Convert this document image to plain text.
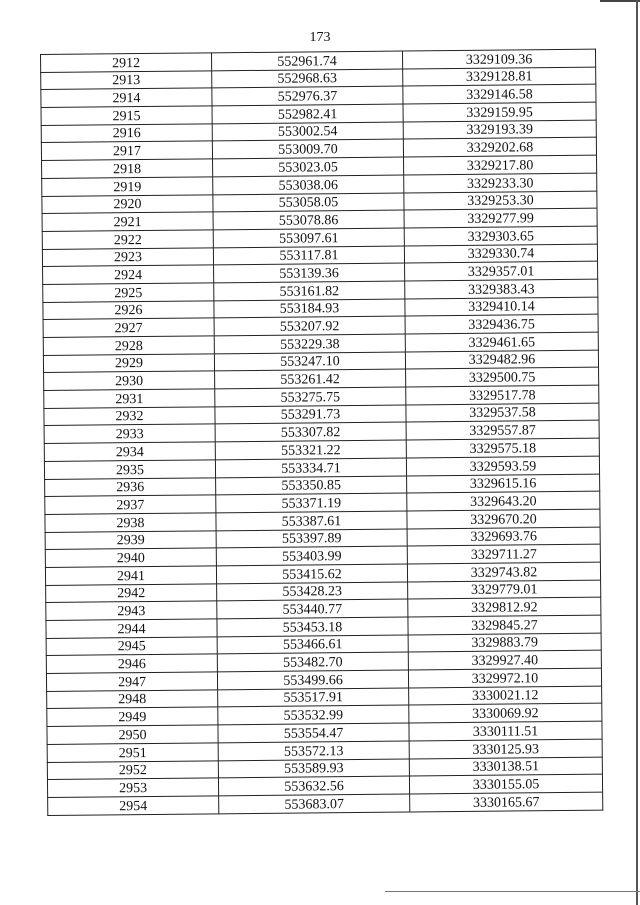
173
2912	552961.74	3329109.36
2913	552968.63	3329128.81
2914	552976.37	3329146.58
2915	552982.41	3329159.95
2916	553002.54	3329193.39
2917	553009.70	3329202.68
2918	553023.05	3329217.80
2919	553038.06	3329233.30
2920	553058.05	3329253.30
2921	553078.86	3329277.99
2922	553097.61	3329303.65
2923	553117.81	3329330.74
2924	553139.36	3329357.01
2925	553161.82	3329383.43
2926	553184.93	3329410.14
2927	553207.92	3329436.75
2928	553229.38	3329461.65
2929	553247.10	3329482.96
2930	553261.42	3329500.75
2931	553275.75	3329517.78
2932	553291.73	3329537.58
2933	553307.82	3329557.87
2934	553321.22	3329575.18
2935	553334.71	3329593.59
2936	553350.85	3329615.16
2937	553371.19	3329643.20
2938	553387.61	3329670.20
2939	553397.89	3329693.76
2940	553403.99	3329711.27
2941	553415.62	3329743.82
2942	553428.23	3329779.01
2943	553440.77	3329812.92
2944	553453.18	3329845.27
2945	553466.61	3329883.79
2946	553482.70	3329927.40
2947	553499.66	3329972.10
2948	553517.91	3330021.12
2949	553532.99	3330069.92
2950	553554.47	3330111.51
2951	553572.13	3330125.93
2952	553589.93	3330138.51
2953	553632.56	3330155.05
2954	553683.07	3330165.67
